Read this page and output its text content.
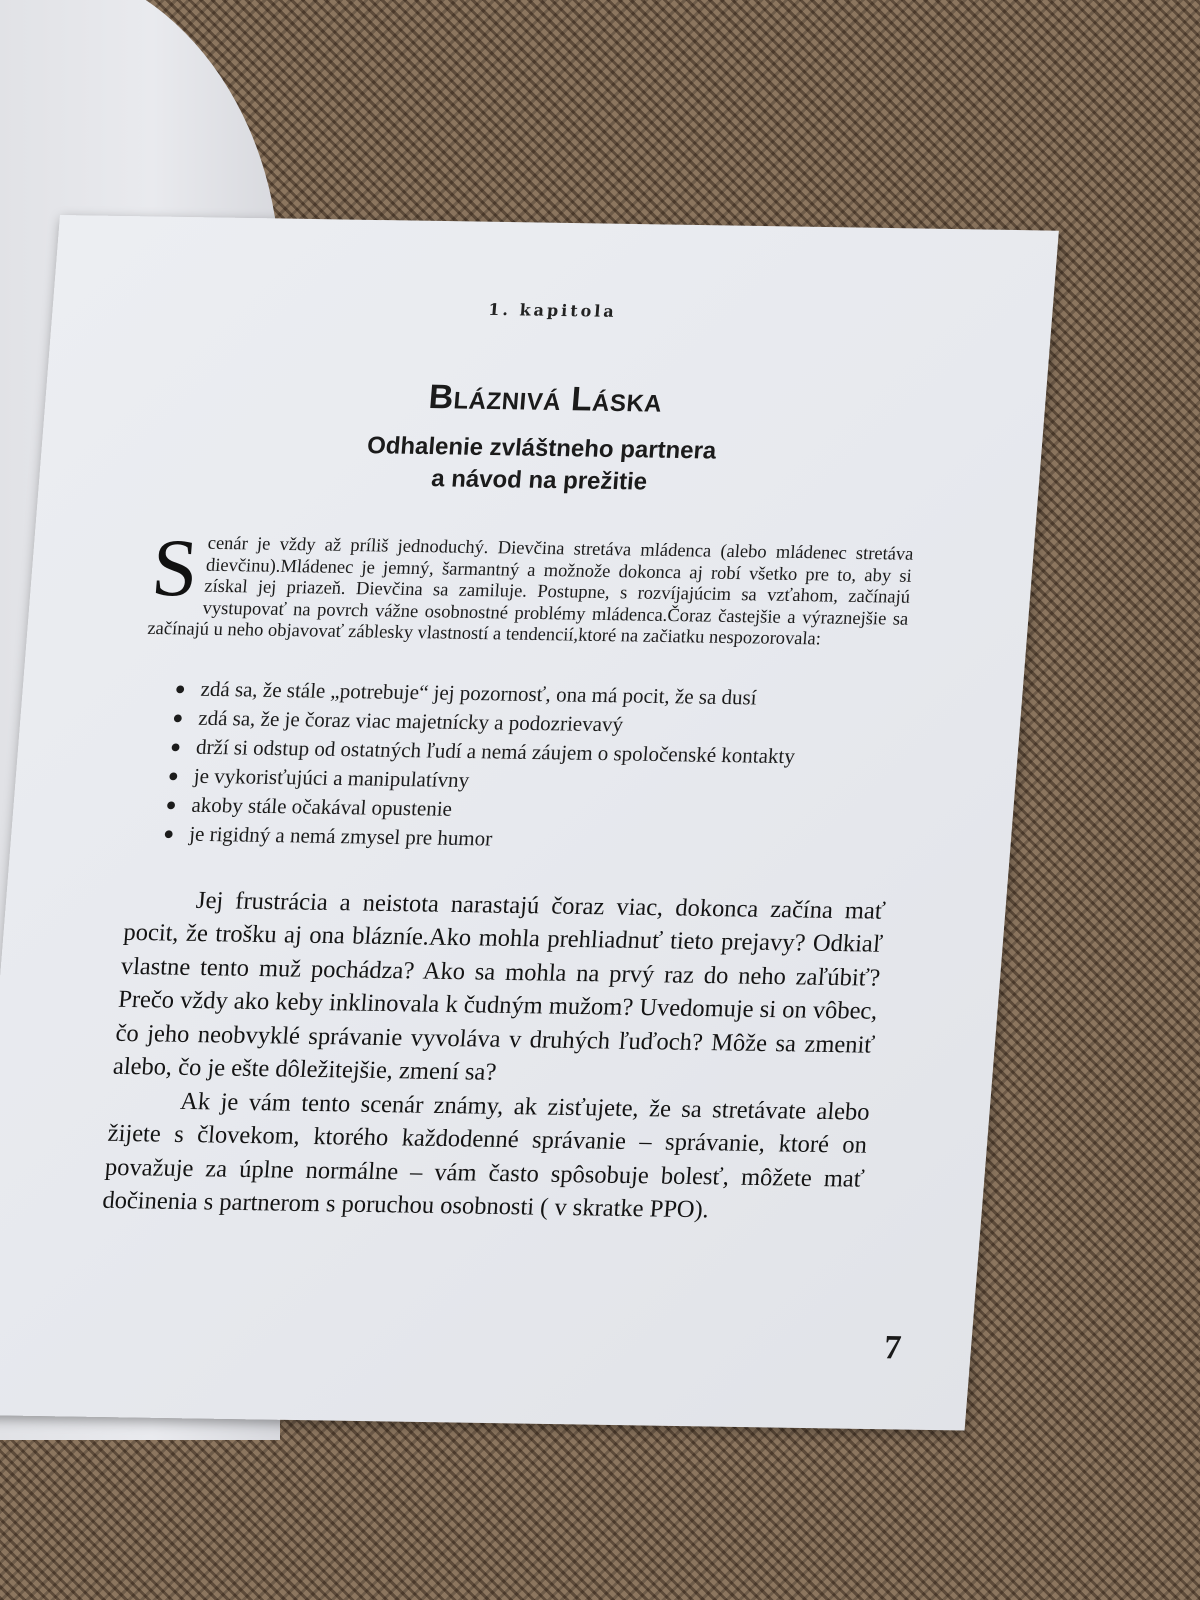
1. kapitola
Bláznivá Láska
Odhalenie zvláštneho partnera
a návod na prežitie
S cenár je vždy až príliš jednoduchý. Dievčina stretáva mládenca (alebo mládenec stretáva dievčinu).Mládenec je jemný, šarmantný a možnože dokonca aj robí všetko pre to, aby si získal jej priazeň. Dievčina sa zamiluje. Postupne, s rozvíjajúcim sa vzťahom, začínajú vystupovať na povrch vážne osobnostné problémy mládenca.Čoraz častejšie a výraznejšie sa začínajú u neho objavovať záblesky vlastností a tendencií,ktoré na začiatku nespozorovala:
● zdá sa, že stále „potrebuje“ jej pozornosť, ona má pocit, že sa dusí
● zdá sa, že je čoraz viac majetnícky a podozrievavý
● drží si odstup od ostatných ľudí a nemá záujem o spoločenské kontakty
● je vykorisťujúci a manipulatívny
● akoby stále očakával opustenie
● je rigidný a nemá zmysel pre humor

Jej frustrácia a neistota narastajú čoraz viac, dokonca začína mať pocit, že trošku aj ona blázníe.Ako mohla prehliadnuť tieto prejavy? Odkiaľ vlastne tento muž pochádza? Ako sa mohla na prvý raz do neho zaľúbiť? Prečo vždy ako keby inklinovala k čudným mužom? Uvedomuje si on vôbec, čo jeho neobvyklé správanie vyvoláva v druhých ľuďoch? Môže sa zmeniť alebo, čo je ešte dôležitejšie, zmení sa?

Ak je vám tento scenár známy, ak zisťujete, že sa stretávate alebo žijete s človekom, ktorého každodenné správanie – správanie, ktoré on považuje za úplne normálne – vám často spôsobuje bolesť, môžete mať dočinenia s partnerom s poruchou osobnosti ( v skratke PPO).

7
